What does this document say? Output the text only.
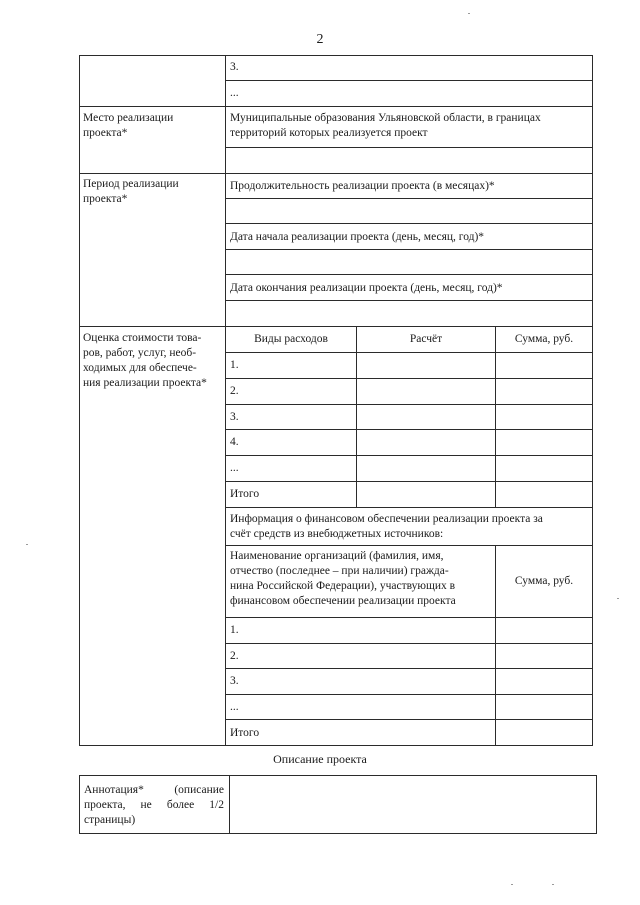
2
3.
...
Место реализации проекта*
Муниципальные образования Ульяновской области, в границах
территорий которых реализуется проект
Период реализации проекта*
Продолжительность реализации проекта (в месяцах)*
Дата начала реализации проекта (день, месяц, год)*
Дата окончания реализации проекта (день, месяц, год)*
Оценка стоимости това-
ров, работ, услуг, необ-
ходимых для обеспече-
ния реализации проекта*
Виды расходов	Расчёт	Сумма, руб.
1.
2.
3.
4.
...
Итого
Информация о финансовом обеспечении реализации проекта за
счёт средств из внебюджетных источников:
Наименование организаций (фамилия, имя,
отчество (последнее – при наличии) гражда-
нина Российской Федерации), участвующих в
финансовом обеспечении реализации проекта
Сумма, руб.
1.
2.
3.
...
Итого
Описание проекта
Аннотация* (описание
проекта, не более 1/2
страницы)
